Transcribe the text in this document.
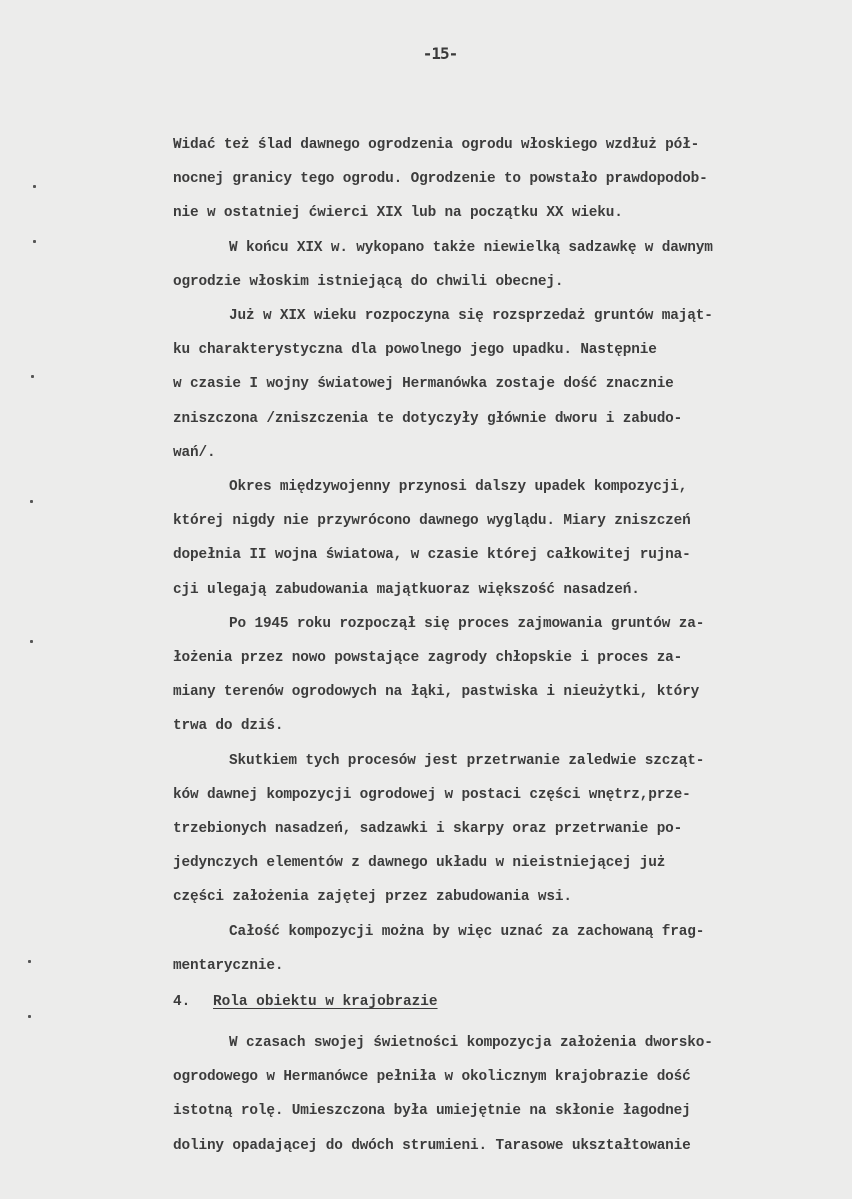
-15-
Widać też ślad dawnego ogrodzenia ogrodu włoskiego wzdłuż pół-
nocnej granicy tego ogrodu. Ogrodzenie to powstało prawdopodob-
nie w ostatniej ćwierci XIX lub na początku XX wieku.
W końcu XIX w. wykopano także niewielką sadzawkę w dawnym
ogrodzie włoskim istniejącą do chwili obecnej.
Już w XIX wieku rozpoczyna się rozsprzedaż gruntów mająt-
ku charakterystyczna dla powolnego jego upadku. Następnie
w czasie I wojny światowej Hermanówka zostaje dość znacznie
zniszczona /zniszczenia te dotyczyły głównie dworu i zabudo-
wań/.
Okres międzywojenny przynosi dalszy upadek kompozycji,
której nigdy nie przywrócono dawnego wyglądu. Miary zniszczeń
dopełnia II wojna światowa, w czasie której całkowitej rujna-
cji ulegają zabudowania majątkuoraz większość nasadzeń.
Po 1945 roku rozpoczął się proces zajmowania gruntów za-
łożenia przez nowo powstające zagrody chłopskie i proces za-
miany terenów ogrodowych na łąki, pastwiska i nieużytki, który
trwa do dziś.
Skutkiem tych procesów jest przetrwanie zaledwie szcząt-
ków dawnej kompozycji ogrodowej w postaci części wnętrz,prze-
trzebionych nasadzeń, sadzawki i skarpy oraz przetrwanie po-
jedynczych elementów z dawnego układu w nieistniejącej już
części założenia zajętej przez zabudowania wsi.
Całość kompozycji można by więc uznać za zachowaną frag-
mentarycznie.
4. Rola obiektu w krajobrazie
W czasach swojej świetności kompozycja założenia dworsko-
ogrodowego w Hermanówce pełniła w okolicznym krajobrazie dość
istotną rolę. Umieszczona była umiejętnie na skłonie łagodnej
doliny opadającej do dwóch strumieni. Tarasowe ukształtowanie
